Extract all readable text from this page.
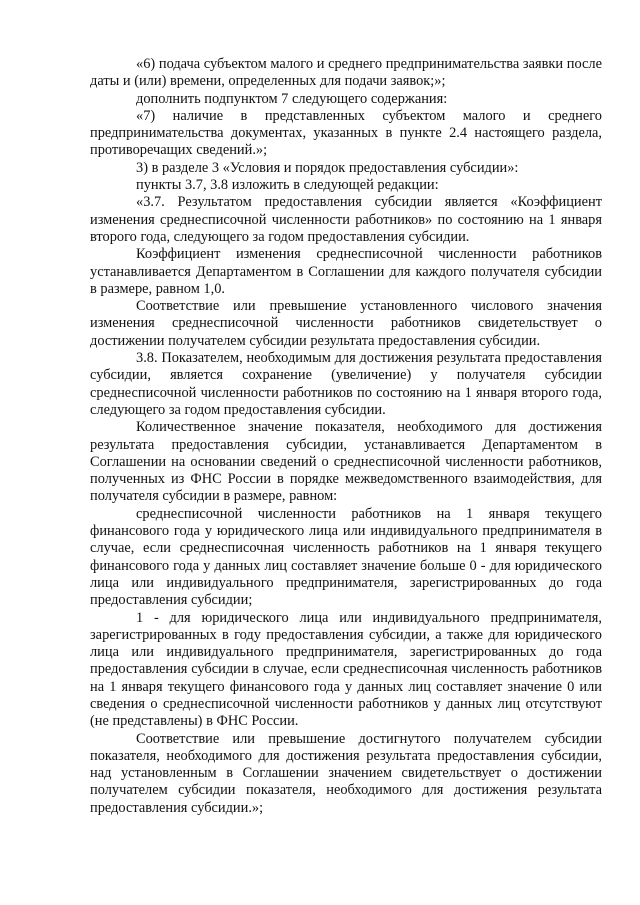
«6) подача субъектом малого и среднего предпринимательства заявки после даты и (или) времени, определенных для подачи заявок;»;

дополнить подпунктом 7 следующего содержания:

«7) наличие в представленных субъектом малого и среднего предпринимательства документах, указанных в пункте 2.4 настоящего раздела, противоречащих сведений.»;

3) в разделе 3 «Условия и порядок предоставления субсидии»:

пункты 3.7, 3.8 изложить в следующей редакции:

«3.7. Результатом предоставления субсидии является «Коэффициент изменения среднесписочной численности работников» по состоянию на 1 января второго года, следующего за годом предоставления субсидии.

Коэффициент изменения среднесписочной численности работников устанавливается Департаментом в Соглашении для каждого получателя субсидии в размере, равном 1,0.

Соответствие или превышение установленного числового значения изменения среднесписочной численности работников свидетельствует о достижении получателем субсидии результата предоставления субсидии.

3.8. Показателем, необходимым для достижения результата предоставления субсидии, является сохранение (увеличение) у получателя субсидии среднесписочной численности работников по состоянию на 1 января второго года, следующего за годом предоставления субсидии.

Количественное значение показателя, необходимого для достижения результата предоставления субсидии, устанавливается Департаментом в Соглашении на основании сведений о среднесписочной численности работников, полученных из ФНС России в порядке межведомственного взаимодействия, для получателя субсидии в размере, равном:

среднесписочной численности работников на 1 января текущего финансового года у юридического лица или индивидуального предпринимателя в случае, если среднесписочная численность работников на 1 января текущего финансового года у данных лиц составляет значение больше 0 - для юридического лица или индивидуального предпринимателя, зарегистрированных до года предоставления субсидии;

1 - для юридического лица или индивидуального предпринимателя, зарегистрированных в году предоставления субсидии, а также для юридического лица или индивидуального предпринимателя, зарегистрированных до года предоставления субсидии в случае, если среднесписочная численность работников на 1 января текущего финансового года у данных лиц составляет значение 0 или сведения о среднесписочной численности работников у данных лиц отсутствуют (не представлены) в ФНС России.

Соответствие или превышение достигнутого получателем субсидии показателя, необходимого для достижения результата предоставления субсидии, над установленным в Соглашении значением свидетельствует о достижении получателем субсидии показателя, необходимого для достижения результата предоставления субсидии.»;
